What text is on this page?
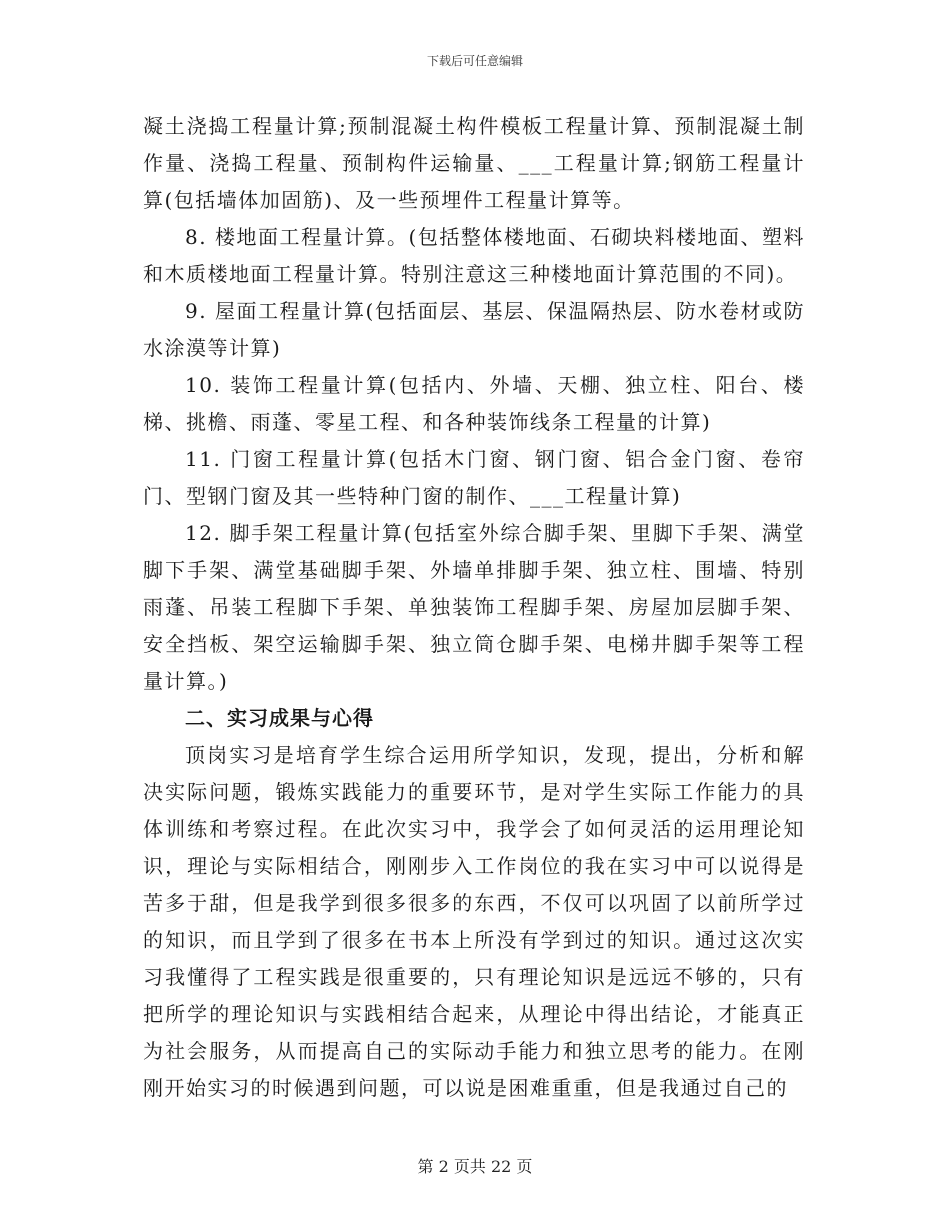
下载后可任意编辑

凝土浇捣工程量计算;预制混凝土构件模板工程量计算、预制混凝土制作量、浇捣工程量、预制构件运输量、___工程量计算;钢筋工程量计算(包括墙体加固筋)、及一些预埋件工程量计算等。

8. 楼地面工程量计算。(包括整体楼地面、石砌块料楼地面、塑料和木质楼地面工程量计算。特别注意这三种楼地面计算范围的不同)。

9. 屋面工程量计算(包括面层、基层、保温隔热层、防水卷材或防水涂漠等计算)

10. 装饰工程量计算(包括内、外墙、天棚、独立柱、阳台、楼梯、挑檐、雨蓬、零星工程、和各种装饰线条工程量的计算)

11. 门窗工程量计算(包括木门窗、钢门窗、铝合金门窗、卷帘门、型钢门窗及其一些特种门窗的制作、___工程量计算)

12. 脚手架工程量计算(包括室外综合脚手架、里脚下手架、满堂脚下手架、满堂基础脚手架、外墙单排脚手架、独立柱、围墙、特别雨蓬、吊装工程脚下手架、单独装饰工程脚手架、房屋加层脚手架、安全挡板、架空运输脚手架、独立筒仓脚手架、电梯井脚手架等工程量计算。)

二、实习成果与心得

顶岗实习是培育学生综合运用所学知识，发现，提出，分析和解决实际问题，锻炼实践能力的重要环节，是对学生实际工作能力的具体训练和考察过程。在此次实习中，我学会了如何灵活的运用理论知识，理论与实际相结合，刚刚步入工作岗位的我在实习中可以说得是苦多于甜，但是我学到很多很多的东西，不仅可以巩固了以前所学过的知识，而且学到了很多在书本上所没有学到过的知识。通过这次实习我懂得了工程实践是很重要的，只有理论知识是远远不够的，只有把所学的理论知识与实践相结合起来，从理论中得出结论，才能真正为社会服务，从而提高自己的实际动手能力和独立思考的能力。在刚刚开始实习的时候遇到问题，可以说是困难重重，但是我通过自己的

第 2 页共 22 页
